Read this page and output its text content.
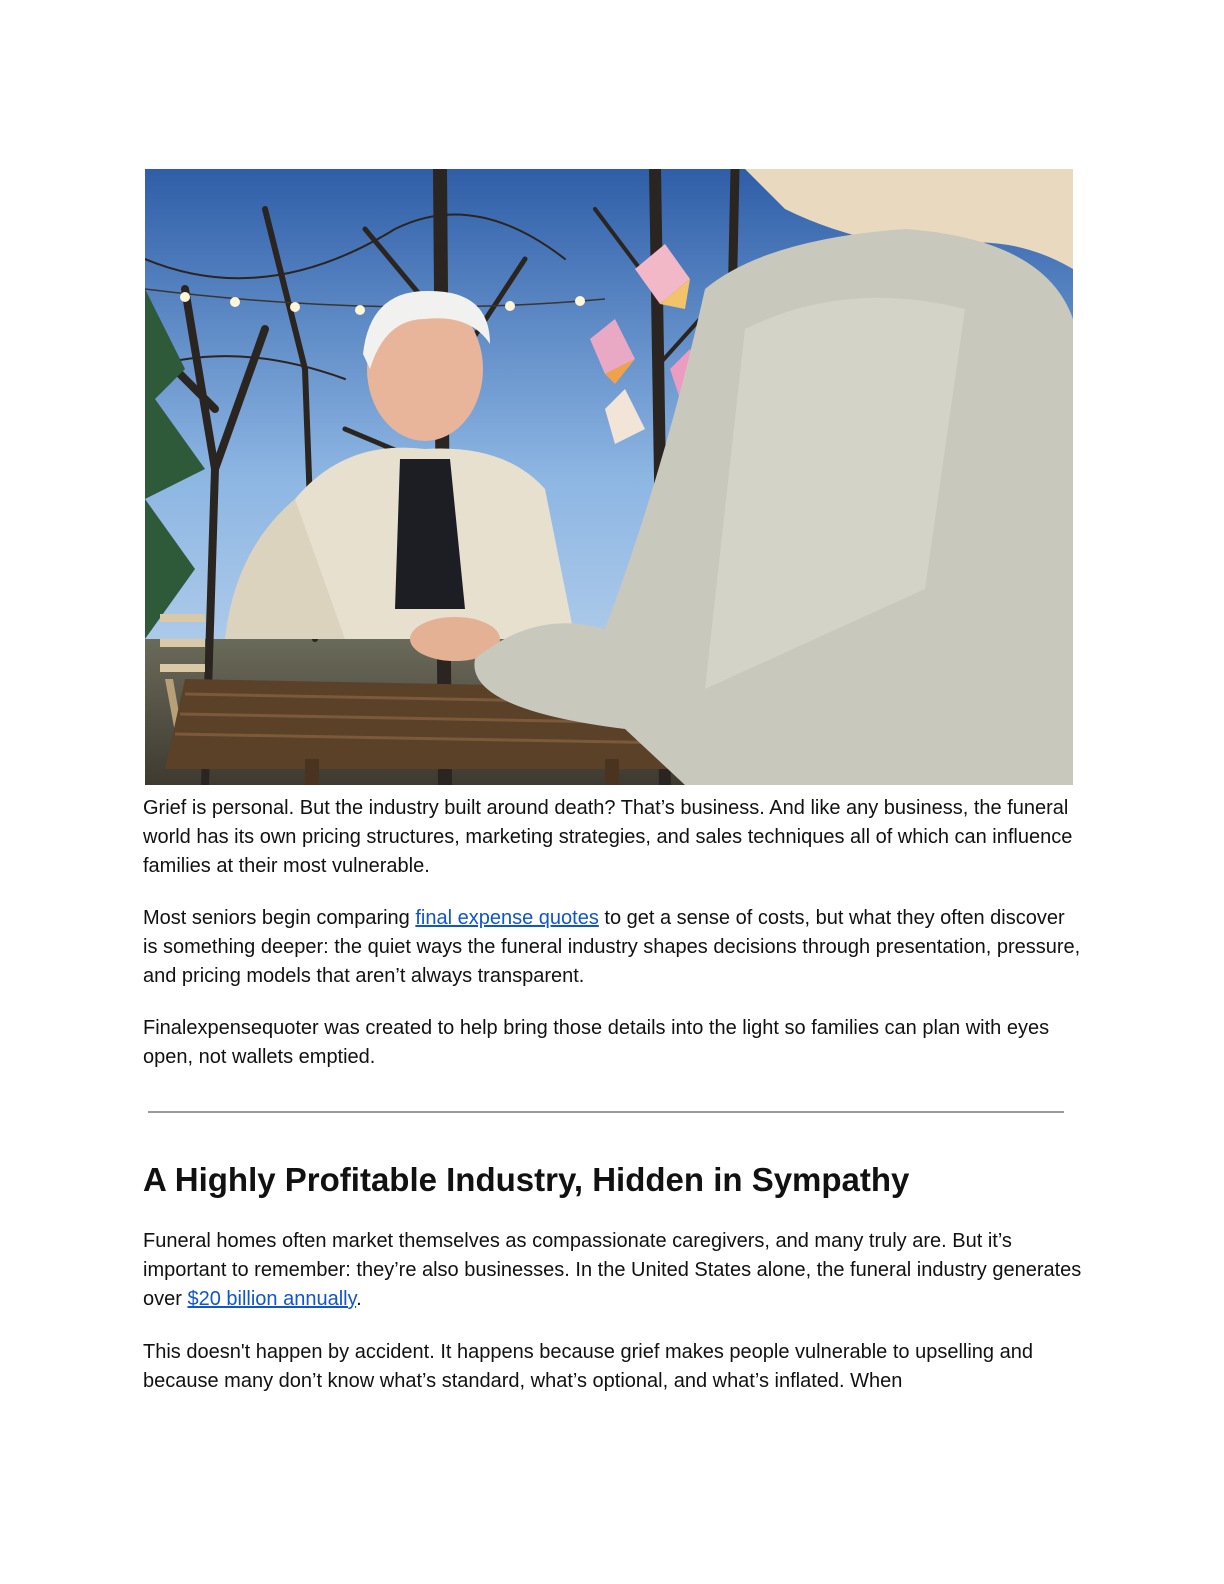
Grief is personal. But the industry built around death? That’s business. And like any business, the funeral world has its own pricing structures, marketing strategies, and sales techniques all of which can influence families at their most vulnerable.

Most seniors begin comparing final expense quotes to get a sense of costs, but what they often discover is something deeper: the quiet ways the funeral industry shapes decisions through presentation, pressure, and pricing models that aren’t always transparent.

Finalexpensequoter was created to help bring those details into the light so families can plan with eyes open, not wallets emptied.

A Highly Profitable Industry, Hidden in Sympathy

Funeral homes often market themselves as compassionate caregivers, and many truly are. But it’s important to remember: they’re also businesses. In the United States alone, the funeral industry generates over $20 billion annually.

This doesn't happen by accident. It happens because grief makes people vulnerable to upselling and because many don’t know what’s standard, what’s optional, and what’s inflated. When
